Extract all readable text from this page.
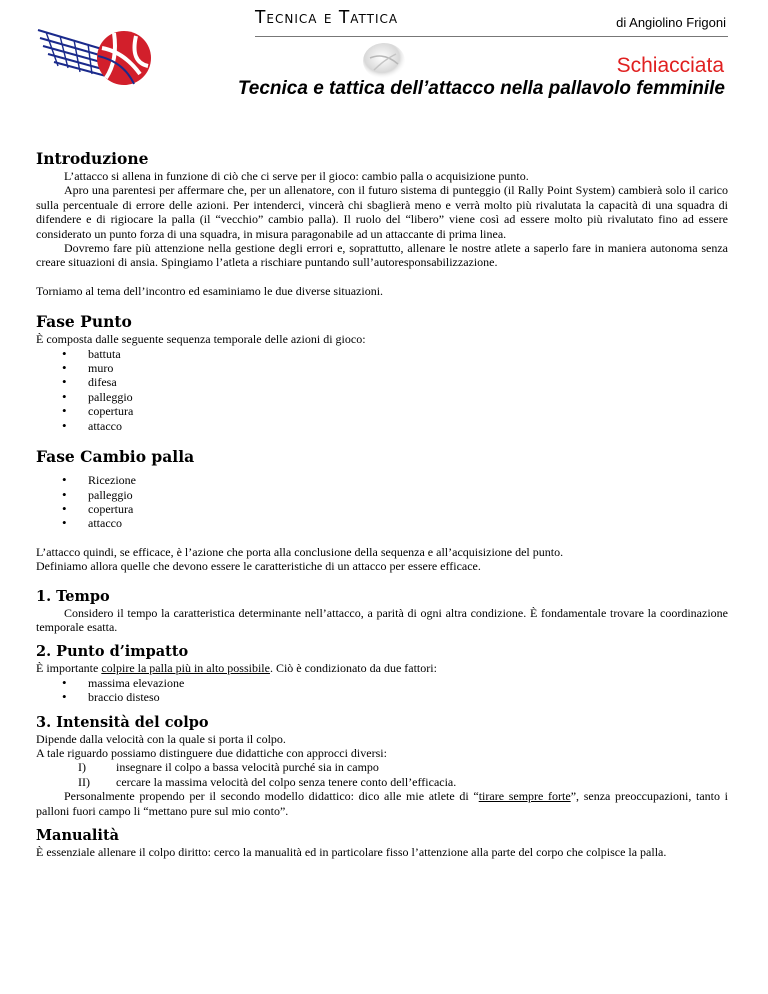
Tecnica e Tattica	di Angiolino Frigoni
Schiacciata
Tecnica e tattica dell’attacco nella pallavolo femminile
Introduzione

L’attacco si allena in funzione di ciò che ci serve per il gioco: cambio palla o acquisizione punto.

Apro una parentesi per affermare che, per un allenatore, con il futuro sistema di punteggio (il Rally Point System) cambierà solo il carico sulla percentuale di errore delle azioni. Per intenderci, vincerà chi sbaglierà meno e verrà molto più rivalutata la capacità di una squadra di difendere e di rigiocare la palla (il “vecchio” cambio palla). Il ruolo del “libero” viene così ad essere molto più rivalutato fino ad essere considerato un punto forza di una squadra, in misura paragonabile ad un attaccante di prima linea.

Dovremo fare più attenzione nella gestione degli errori e, soprattutto, allenare le nostre atlete a saperlo fare in maniera autonoma senza creare situazioni di ansia. Spingiamo l’atleta a rischiare puntando sull’autoresponsabilizzazione.

Torniamo al tema dell’incontro ed esaminiamo le due diverse situazioni.

Fase Punto

È composta dalle seguente sequenza temporale delle azioni di gioco:

• battuta
• muro
• difesa
• palleggio
• copertura
• attacco
Fase Cambio palla
• Ricezione
• palleggio
• copertura
• attacco

L’attacco quindi, se efficace, è l’azione che porta alla conclusione della sequenza e all’acquisizione del punto.

Definiamo allora quelle che devono essere le caratteristiche di un attacco per essere efficace.

1. Tempo

Considero il tempo la caratteristica determinante nell’attacco, a parità di ogni altra condizione. È fondamentale trovare la coordinazione temporale esatta.

2. Punto d’impatto

È importante colpire la palla più in alto possibile. Ciò è condizionato da due fattori:

• massima elevazione
• braccio disteso
3. Intensità del colpo

Dipende dalla velocità con la quale si porta il colpo.

A tale riguardo possiamo distinguere due didattiche con approcci diversi:

I)	insegnare il colpo a bassa velocità purché sia in campo
II)	cercare la massima velocità del colpo senza tenere conto dell’efficacia.

Personalmente propendo per il secondo modello didattico: dico alle mie atlete di “tirare sempre forte”, senza preoccupazioni, tanto i palloni fuori campo li “mettano pure sul mio conto”.

Manualità

È essenziale allenare il colpo diritto: cerco la manualità ed in particolare fisso l’attenzione alla parte del corpo che colpisce la palla.
